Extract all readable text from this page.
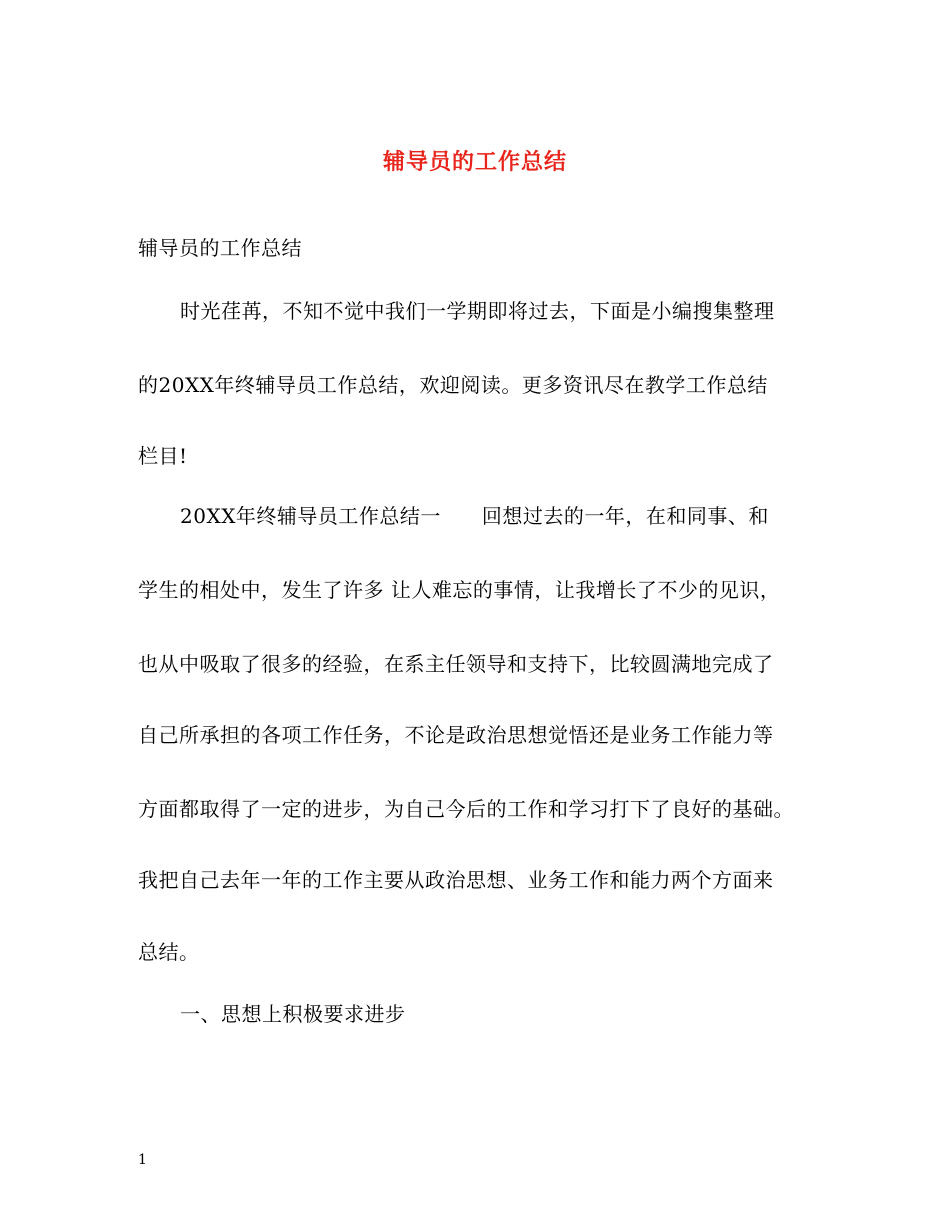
辅导员的工作总结
辅导员的工作总结
时光荏苒，不知不觉中我们一学期即将过去，下面是小编搜集整理
的20XX年终辅导员工作总结，欢迎阅读。更多资讯尽在教学工作总结
栏目!
20XX年终辅导员工作总结一　　回想过去的一年，在和同事、和
学生的相处中，发生了许多 让人难忘的事情，让我增长了不少的见识，
也从中吸取了很多的经验，在系主任领导和支持下，比较圆满地完成了
自己所承担的各项工作任务，不论是政治思想觉悟还是业务工作能力等
方面都取得了一定的进步，为自己今后的工作和学习打下了良好的基础。
我把自己去年一年的工作主要从政治思想、业务工作和能力两个方面来
总结。
一、思想上积极要求进步
1
